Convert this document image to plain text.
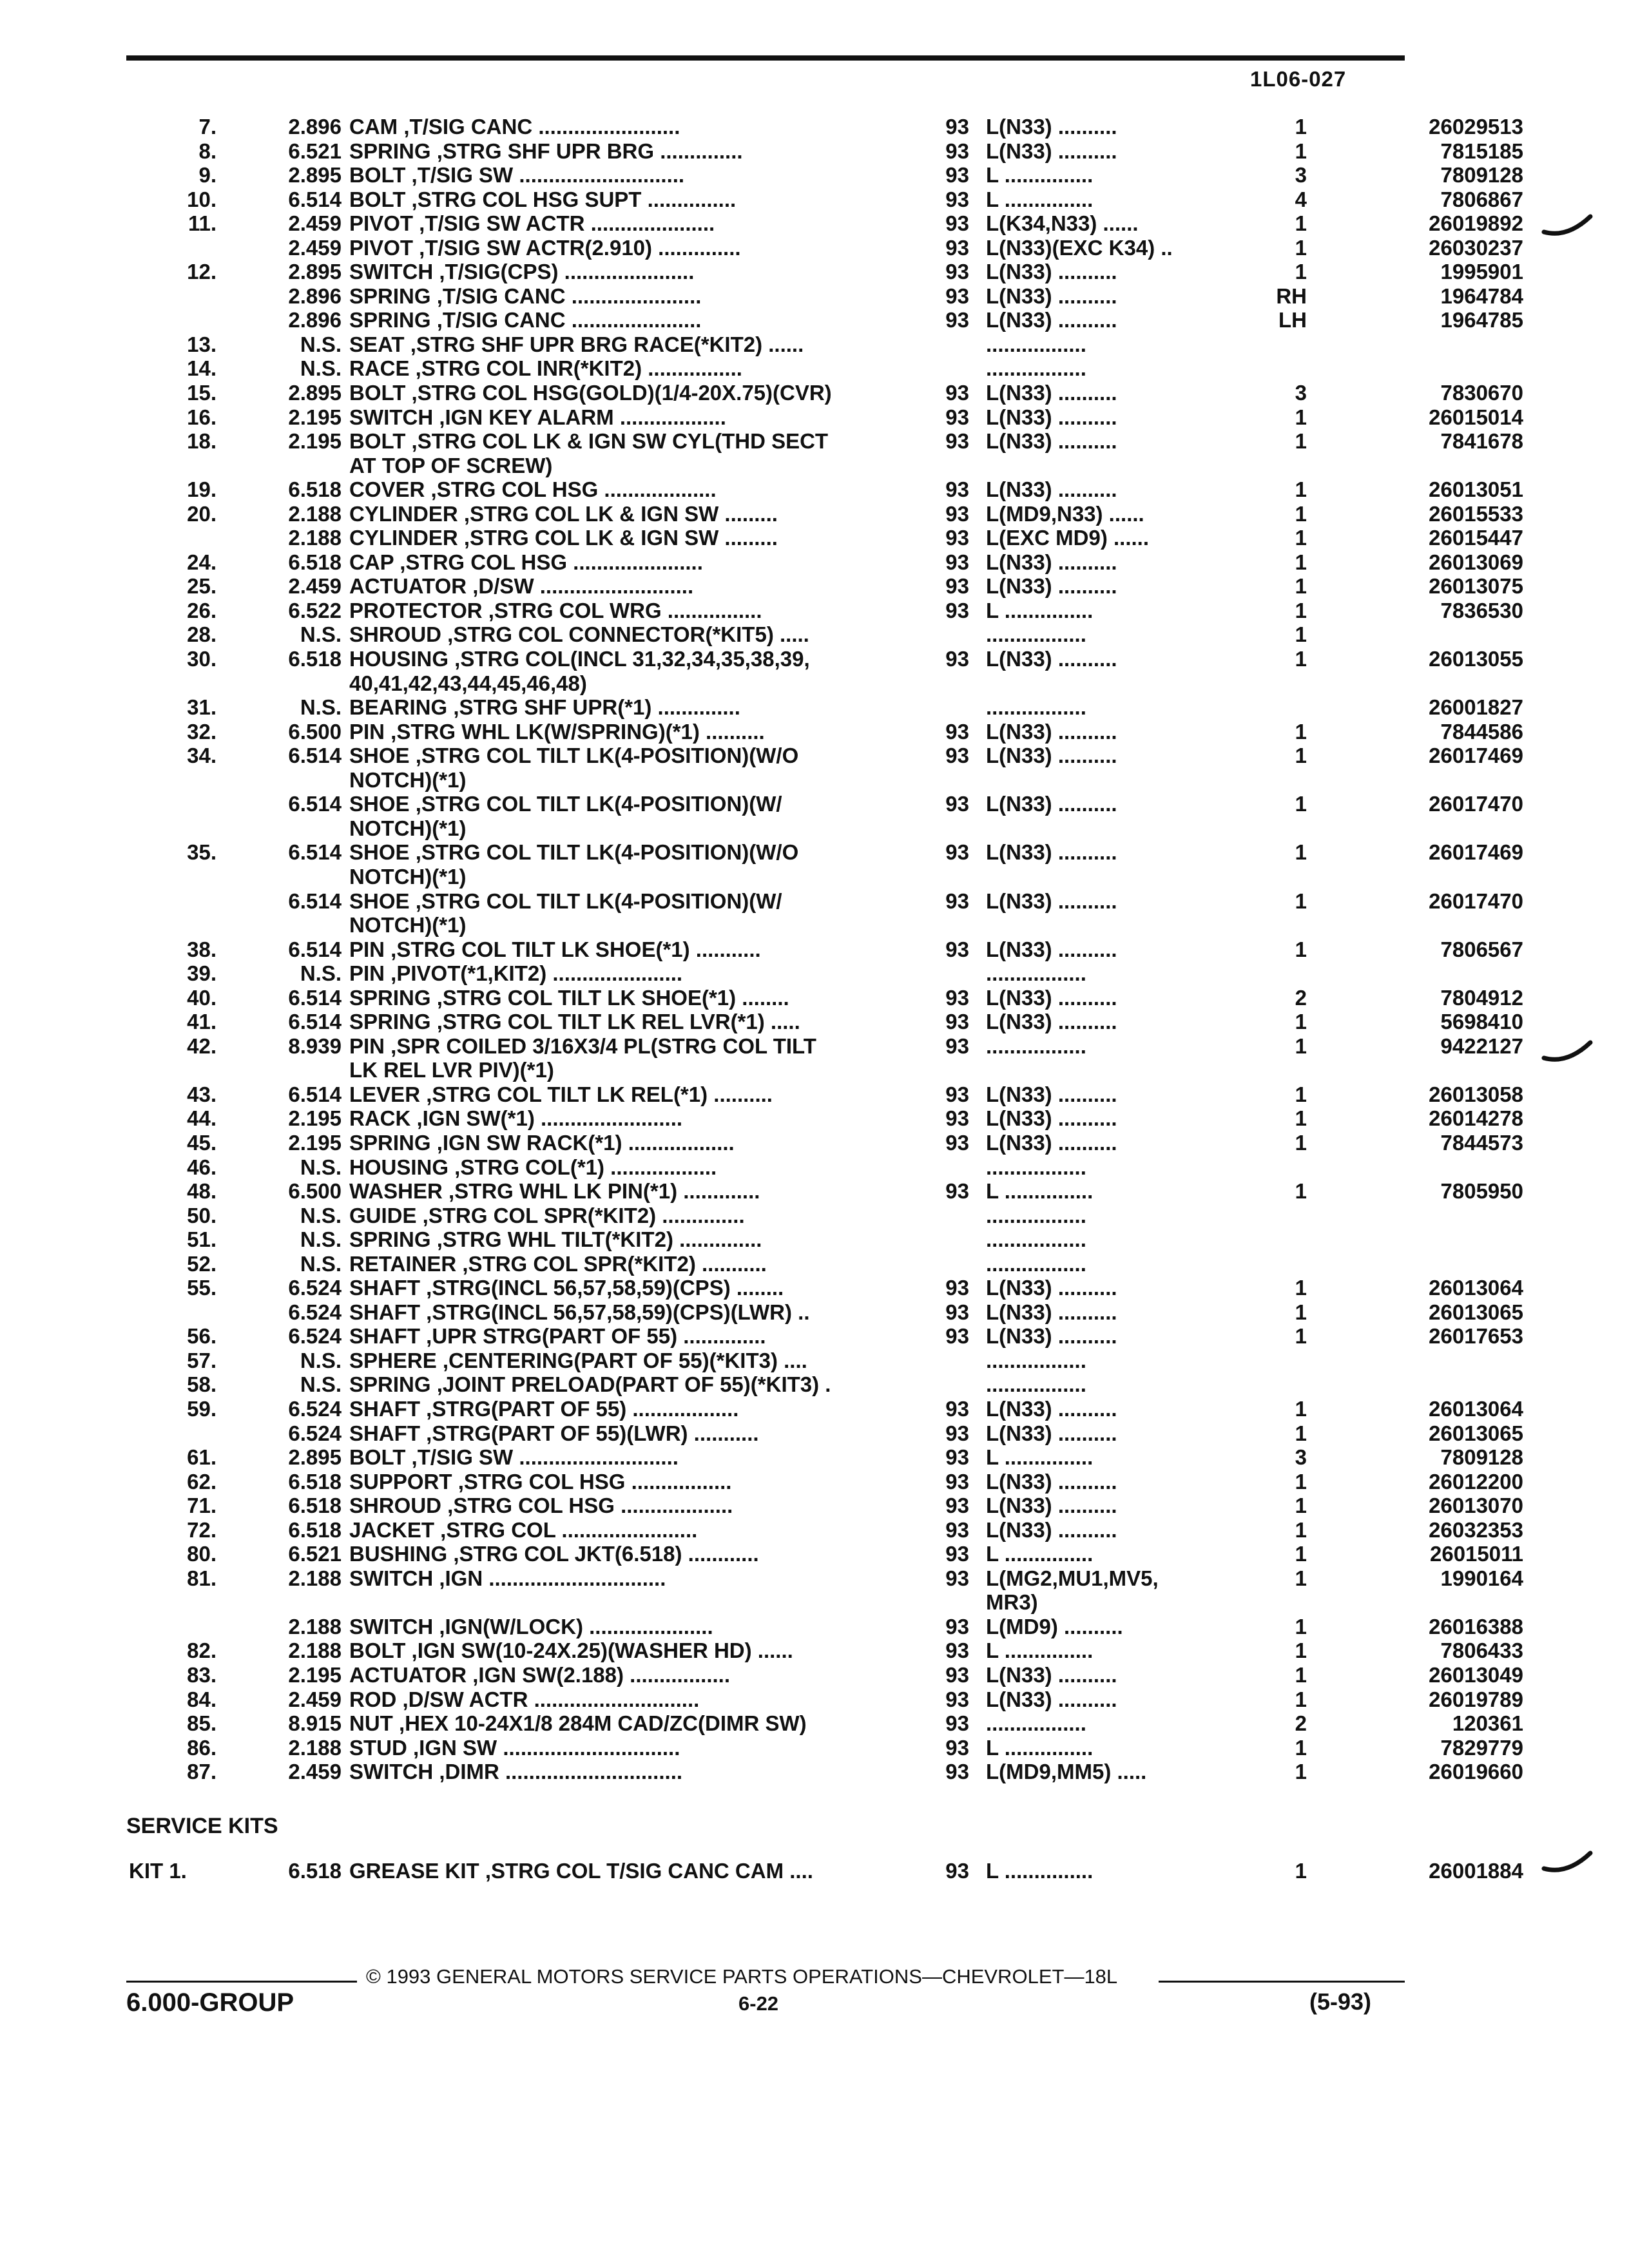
1L06-027
7.	2.896 CAM ,T/SIG CANC ........................	93 L(N33) ..........	1	26029513
8.	6.521 SPRING ,STRG SHF UPR BRG ..............	93 L(N33) ..........	1	7815185
9.	2.895 BOLT ,T/SIG SW ............................	93 L ...............	3	7809128
10.	6.514 BOLT ,STRG COL HSG SUPT ...............	93 L ...............	4	7806867
11.	2.459 PIVOT ,T/SIG SW ACTR .....................	93 L(K34,N33) ......	1	26019892
2.459 PIVOT ,T/SIG SW ACTR(2.910) ..............	93 L(N33)(EXC K34) ..	1	26030237
12.	2.895 SWITCH ,T/SIG(CPS) ......................	93 L(N33) ..........	1	1995901
2.896 SPRING ,T/SIG CANC ......................	93 L(N33) ..........	RH	1964784
2.896 SPRING ,T/SIG CANC ......................	93 L(N33) ..........	LH	1964785
13.	N.S. SEAT ,STRG SHF UPR BRG RACE(*KIT2) ......	.................
14.	N.S. RACE ,STRG COL INR(*KIT2) ................	.................
15.	2.895 BOLT ,STRG COL HSG(GOLD)(1/4-20X.75)(CVR)	93 L(N33) ..........	3	7830670
16.	2.195 SWITCH ,IGN KEY ALARM ..................	93 L(N33) ..........	1	26015014
18.	2.195 BOLT ,STRG COL LK & IGN SW CYL(THD SECT	93 L(N33) ..........	1	7841678
AT TOP OF SCREW)
19.	6.518 COVER ,STRG COL HSG ...................	93 L(N33) ..........	1	26013051
20.	2.188 CYLINDER ,STRG COL LK & IGN SW .........	93 L(MD9,N33) ......	1	26015533
2.188 CYLINDER ,STRG COL LK & IGN SW .........	93 L(EXC MD9) ......	1	26015447
24.	6.518 CAP ,STRG COL HSG ......................	93 L(N33) ..........	1	26013069
25.	2.459 ACTUATOR ,D/SW ..........................	93 L(N33) ..........	1	26013075
26.	6.522 PROTECTOR ,STRG COL WRG ................	93 L ...............	1	7836530
28.	N.S. SHROUD ,STRG COL CONNECTOR(*KIT5) .....	.................	1
30.	6.518 HOUSING ,STRG COL(INCL 31,32,34,35,38,39,	93 L(N33) ..........	1	26013055
40,41,42,43,44,45,46,48)
31.	N.S. BEARING ,STRG SHF UPR(*1) ..............	.................	26001827
32.	6.500 PIN ,STRG WHL LK(W/SPRING)(*1) ..........	93 L(N33) ..........	1	7844586
34.	6.514 SHOE ,STRG COL TILT LK(4-POSITION)(W/O	93 L(N33) ..........	1	26017469
NOTCH)(*1)
6.514 SHOE ,STRG COL TILT LK(4-POSITION)(W/	93 L(N33) ..........	1	26017470
NOTCH)(*1)
35.	6.514 SHOE ,STRG COL TILT LK(4-POSITION)(W/O	93 L(N33) ..........	1	26017469
NOTCH)(*1)
6.514 SHOE ,STRG COL TILT LK(4-POSITION)(W/	93 L(N33) ..........	1	26017470
NOTCH)(*1)
38.	6.514 PIN ,STRG COL TILT LK SHOE(*1) ...........	93 L(N33) ..........	1	7806567
39.	N.S. PIN ,PIVOT(*1,KIT2) ......................	.................
40.	6.514 SPRING ,STRG COL TILT LK SHOE(*1) ........	93 L(N33) ..........	2	7804912
41.	6.514 SPRING ,STRG COL TILT LK REL LVR(*1) .....	93 L(N33) ..........	1	5698410
42.	8.939 PIN ,SPR COILED 3/16X3/4 PL(STRG COL TILT	93 .................	1	9422127
LK REL LVR PIV)(*1)
43.	6.514 LEVER ,STRG COL TILT LK REL(*1) ..........	93 L(N33) ..........	1	26013058
44.	2.195 RACK ,IGN SW(*1) ........................	93 L(N33) ..........	1	26014278
45.	2.195 SPRING ,IGN SW RACK(*1) ..................	93 L(N33) ..........	1	7844573
46.	N.S. HOUSING ,STRG COL(*1) ..................	.................
48.	6.500 WASHER ,STRG WHL LK PIN(*1) .............	93 L ...............	1	7805950
50.	N.S. GUIDE ,STRG COL SPR(*KIT2) ..............	.................
51.	N.S. SPRING ,STRG WHL TILT(*KIT2) ..............	.................
52.	N.S. RETAINER ,STRG COL SPR(*KIT2) ...........	.................
55.	6.524 SHAFT ,STRG(INCL 56,57,58,59)(CPS) ........	93 L(N33) ..........	1	26013064
6.524 SHAFT ,STRG(INCL 56,57,58,59)(CPS)(LWR) ..	93 L(N33) ..........	1	26013065
56.	6.524 SHAFT ,UPR STRG(PART OF 55) ..............	93 L(N33) ..........	1	26017653
57.	N.S. SPHERE ,CENTERING(PART OF 55)(*KIT3) ....	.................
58.	N.S. SPRING ,JOINT PRELOAD(PART OF 55)(*KIT3) .	.................
59.	6.524 SHAFT ,STRG(PART OF 55) ..................	93 L(N33) ..........	1	26013064
6.524 SHAFT ,STRG(PART OF 55)(LWR) ...........	93 L(N33) ..........	1	26013065
61.	2.895 BOLT ,T/SIG SW ...........................	93 L ...............	3	7809128
62.	6.518 SUPPORT ,STRG COL HSG .................	93 L(N33) ..........	1	26012200
71.	6.518 SHROUD ,STRG COL HSG ...................	93 L(N33) ..........	1	26013070
72.	6.518 JACKET ,STRG COL .......................	93 L(N33) ..........	1	26032353
80.	6.521 BUSHING ,STRG COL JKT(6.518) ............	93 L ...............	1	26015011
81.	2.188 SWITCH ,IGN ..............................	93 L(MG2,MU1,MV5,	1	1990164
MR3)
2.188 SWITCH ,IGN(W/LOCK) .....................	93 L(MD9) ..........	1	26016388
82.	2.188 BOLT ,IGN SW(10-24X.25)(WASHER HD) ......	93 L ...............	1	7806433
83.	2.195 ACTUATOR ,IGN SW(2.188) .................	93 L(N33) ..........	1	26013049
84.	2.459 ROD ,D/SW ACTR ............................	93 L(N33) ..........	1	26019789
85.	8.915 NUT ,HEX 10-24X1/8 284M CAD/ZC(DIMR SW)	93 .................	2	120361
86.	2.188 STUD ,IGN SW ..............................	93 L ...............	1	7829779
87.	2.459 SWITCH ,DIMR ..............................	93 L(MD9,MM5) .....	1	26019660
SERVICE KITS
KIT 1.	6.518 GREASE KIT ,STRG COL T/SIG CANC CAM ....	93 L ...............	1	26001884
© 1993 GENERAL MOTORS SERVICE PARTS OPERATIONS—CHEVROLET—18L
6.000-GROUP	6-22	(5-93)
